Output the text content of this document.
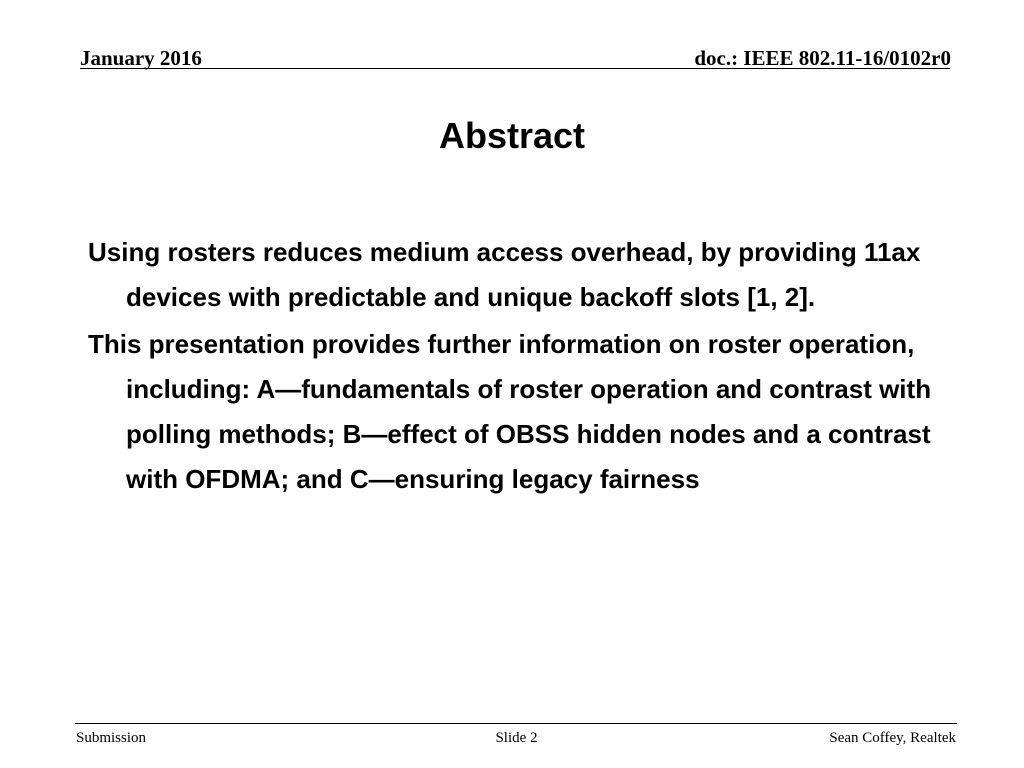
January 2016	doc.: IEEE 802.11-16/0102r0
Abstract

Using rosters reduces medium access overhead, by providing 11ax devices with predictable and unique backoff slots [1, 2].

This presentation provides further information on roster operation, including: A—fundamentals of roster operation and contrast with polling methods; B—effect of OBSS hidden nodes and a contrast with OFDMA; and C—ensuring legacy fairness

Submission	Slide 2	Sean Coffey, Realtek
